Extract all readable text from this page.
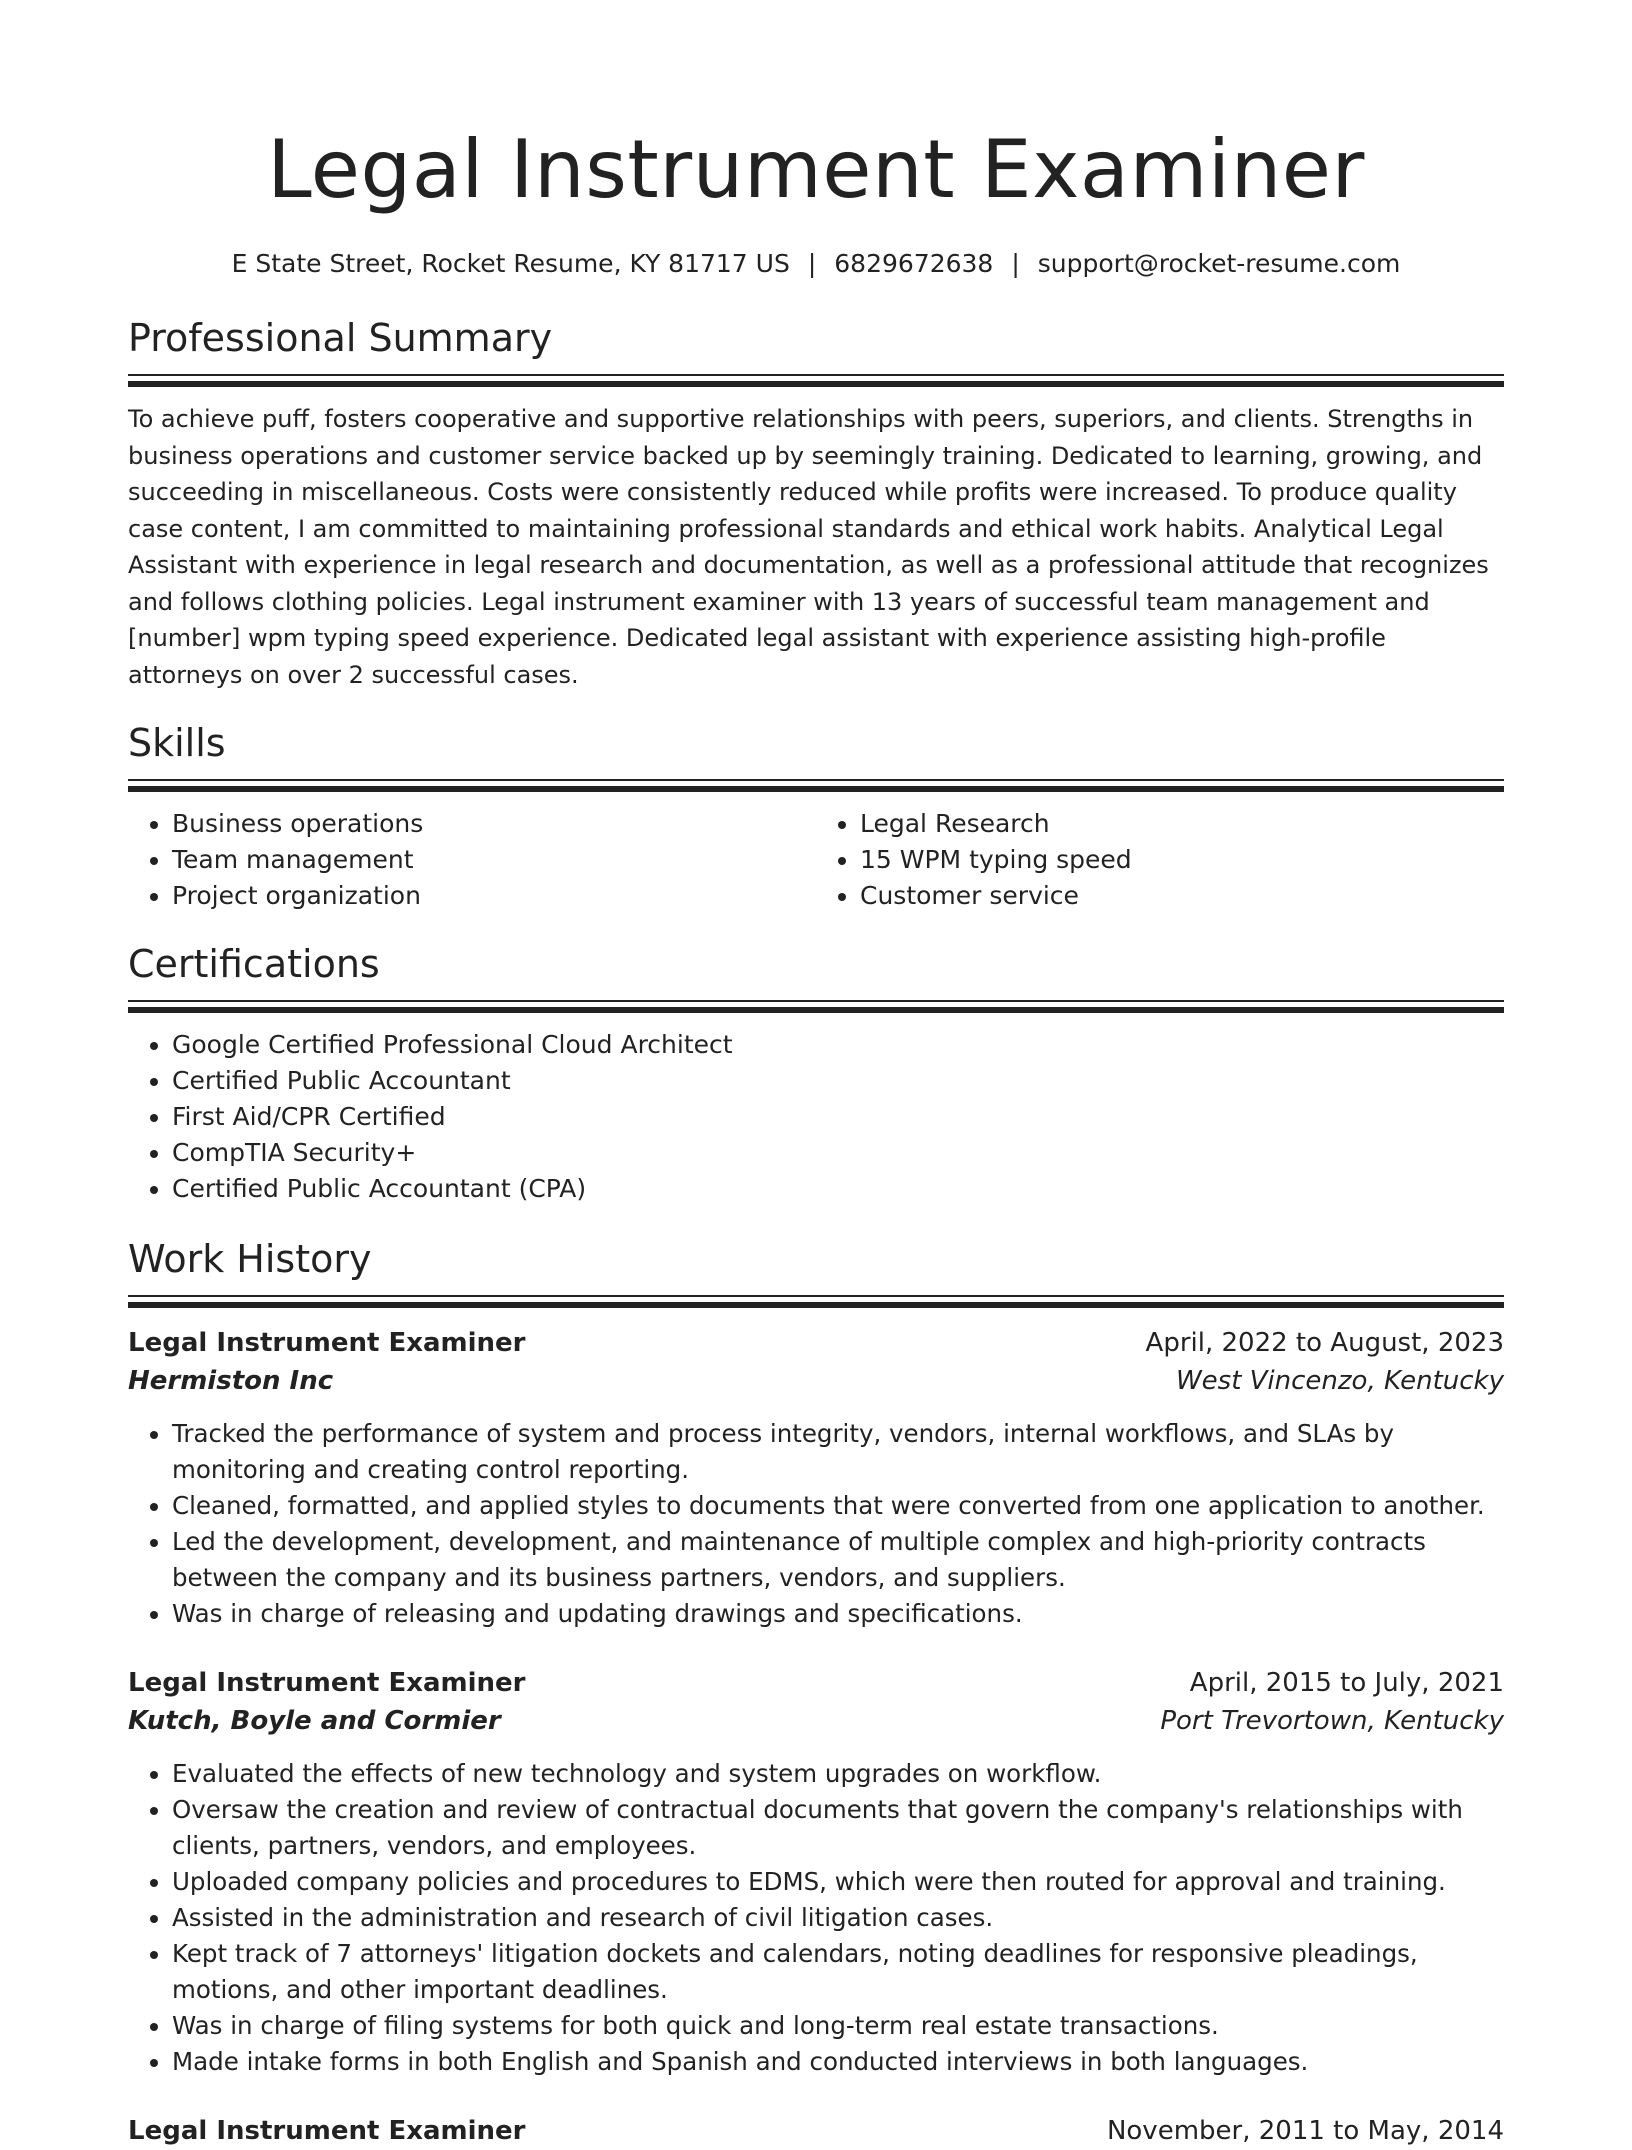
Legal Instrument Examiner
E State Street, Rocket Resume, KY 81717 US | 6829672638 | support@rocket-resume.com
Professional Summary

To achieve puff, fosters cooperative and supportive relationships with peers, superiors, and clients. Strengths in business operations and customer service backed up by seemingly training. Dedicated to learning, growing, and succeeding in miscellaneous. Costs were consistently reduced while profits were increased. To produce quality case content, I am committed to maintaining professional standards and ethical work habits. Analytical Legal Assistant with experience in legal research and documentation, as well as a professional attitude that recognizes and follows clothing policies. Legal instrument examiner with 13 years of successful team management and [number] wpm typing speed experience. Dedicated legal assistant with experience assisting high-profile attorneys on over 2 successful cases.

Skills
• Business operations
• Team management
• Project organization
• Legal Research
• 15 WPM typing speed
• Customer service
Certifications
• Google Certified Professional Cloud Architect
• Certified Public Accountant
• First Aid/CPR Certified
• CompTIA Security+
• Certified Public Accountant (CPA)
Work History
Legal Instrument Examiner	April, 2022 to August, 2023
Hermiston Inc	West Vincenzo, Kentucky
• Tracked the performance of system and process integrity, vendors, internal workflows, and SLAs by monitoring and creating control reporting.
• Cleaned, formatted, and applied styles to documents that were converted from one application to another.
• Led the development, development, and maintenance of multiple complex and high-priority contracts between the company and its business partners, vendors, and suppliers.
• Was in charge of releasing and updating drawings and specifications.
Legal Instrument Examiner	April, 2015 to July, 2021
Kutch, Boyle and Cormier	Port Trevortown, Kentucky
• Evaluated the effects of new technology and system upgrades on workflow.
• Oversaw the creation and review of contractual documents that govern the company's relationships with clients, partners, vendors, and employees.
• Uploaded company policies and procedures to EDMS, which were then routed for approval and training.
• Assisted in the administration and research of civil litigation cases.
• Kept track of 7 attorneys' litigation dockets and calendars, noting deadlines for responsive pleadings, motions, and other important deadlines.
• Was in charge of filing systems for both quick and long-term real estate transactions.
• Made intake forms in both English and Spanish and conducted interviews in both languages.
Legal Instrument Examiner	November, 2011 to May, 2014
